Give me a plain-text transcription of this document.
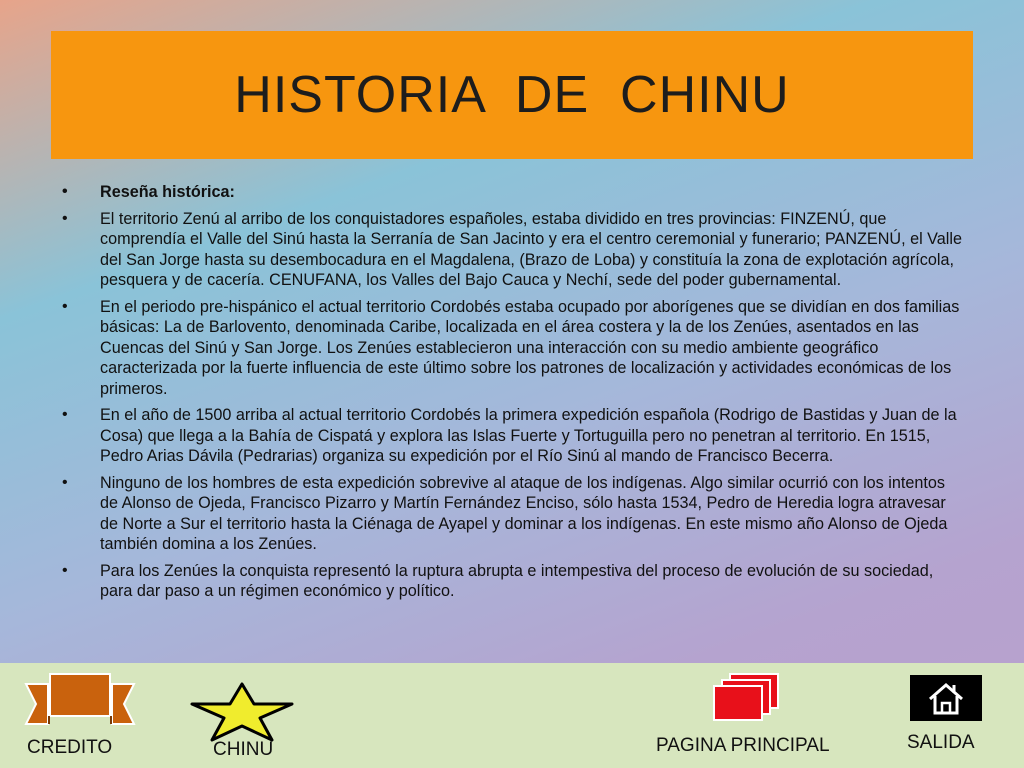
HISTORIA  DE  CHINU
• Reseña histórica:
• El territorio Zenú al arribo de los conquistadores españoles, estaba dividido en tres provincias: FINZENÚ, que comprendía el Valle del Sinú hasta la Serranía de San Jacinto y era el centro ceremonial y funerario; PANZENÚ, el Valle del San Jorge hasta su desembocadura en el Magdalena, (Brazo de Loba) y constituía la zona de explotación agrícola, pesquera y de cacería. CENUFANA, los Valles del Bajo Cauca y Nechí, sede del poder gubernamental.
• En el periodo pre-hispánico el actual territorio Cordobés estaba ocupado por aborígenes que se dividían en dos familias básicas: La de Barlovento, denominada Caribe, localizada en el área costera y la de los Zenúes, asentados en las Cuencas del Sinú y San Jorge. Los Zenúes establecieron una interacción con su medio ambiente geográfico caracterizada por la fuerte influencia de este último sobre los patrones de localización y actividades económicas de los primeros.
• En el año de 1500 arriba al actual territorio Cordobés la primera expedición española (Rodrigo de Bastidas y Juan de la Cosa) que llega a la Bahía de Cispatá y explora las Islas Fuerte y Tortuguilla pero no penetran al territorio. En 1515, Pedro Arias Dávila (Pedrarias) organiza su expedición por el Río Sinú al mando de Francisco Becerra.
• Ninguno de los hombres de esta expedición sobrevive al ataque de los indígenas. Algo similar ocurrió con los intentos de Alonso de Ojeda, Francisco Pizarro y Martín Fernández Enciso, sólo hasta 1534, Pedro de Heredia logra atravesar de Norte a Sur el territorio hasta la Ciénaga de Ayapel y dominar a los indígenas. En este mismo año Alonso de Ojeda también domina a los Zenúes.
• Para los Zenúes la conquista representó la ruptura abrupta e intempestiva del proceso de evolución de su sociedad, para dar paso a un régimen económico y político.
CREDITO	CHINU	PAGINA PRINCIPAL	SALIDA
